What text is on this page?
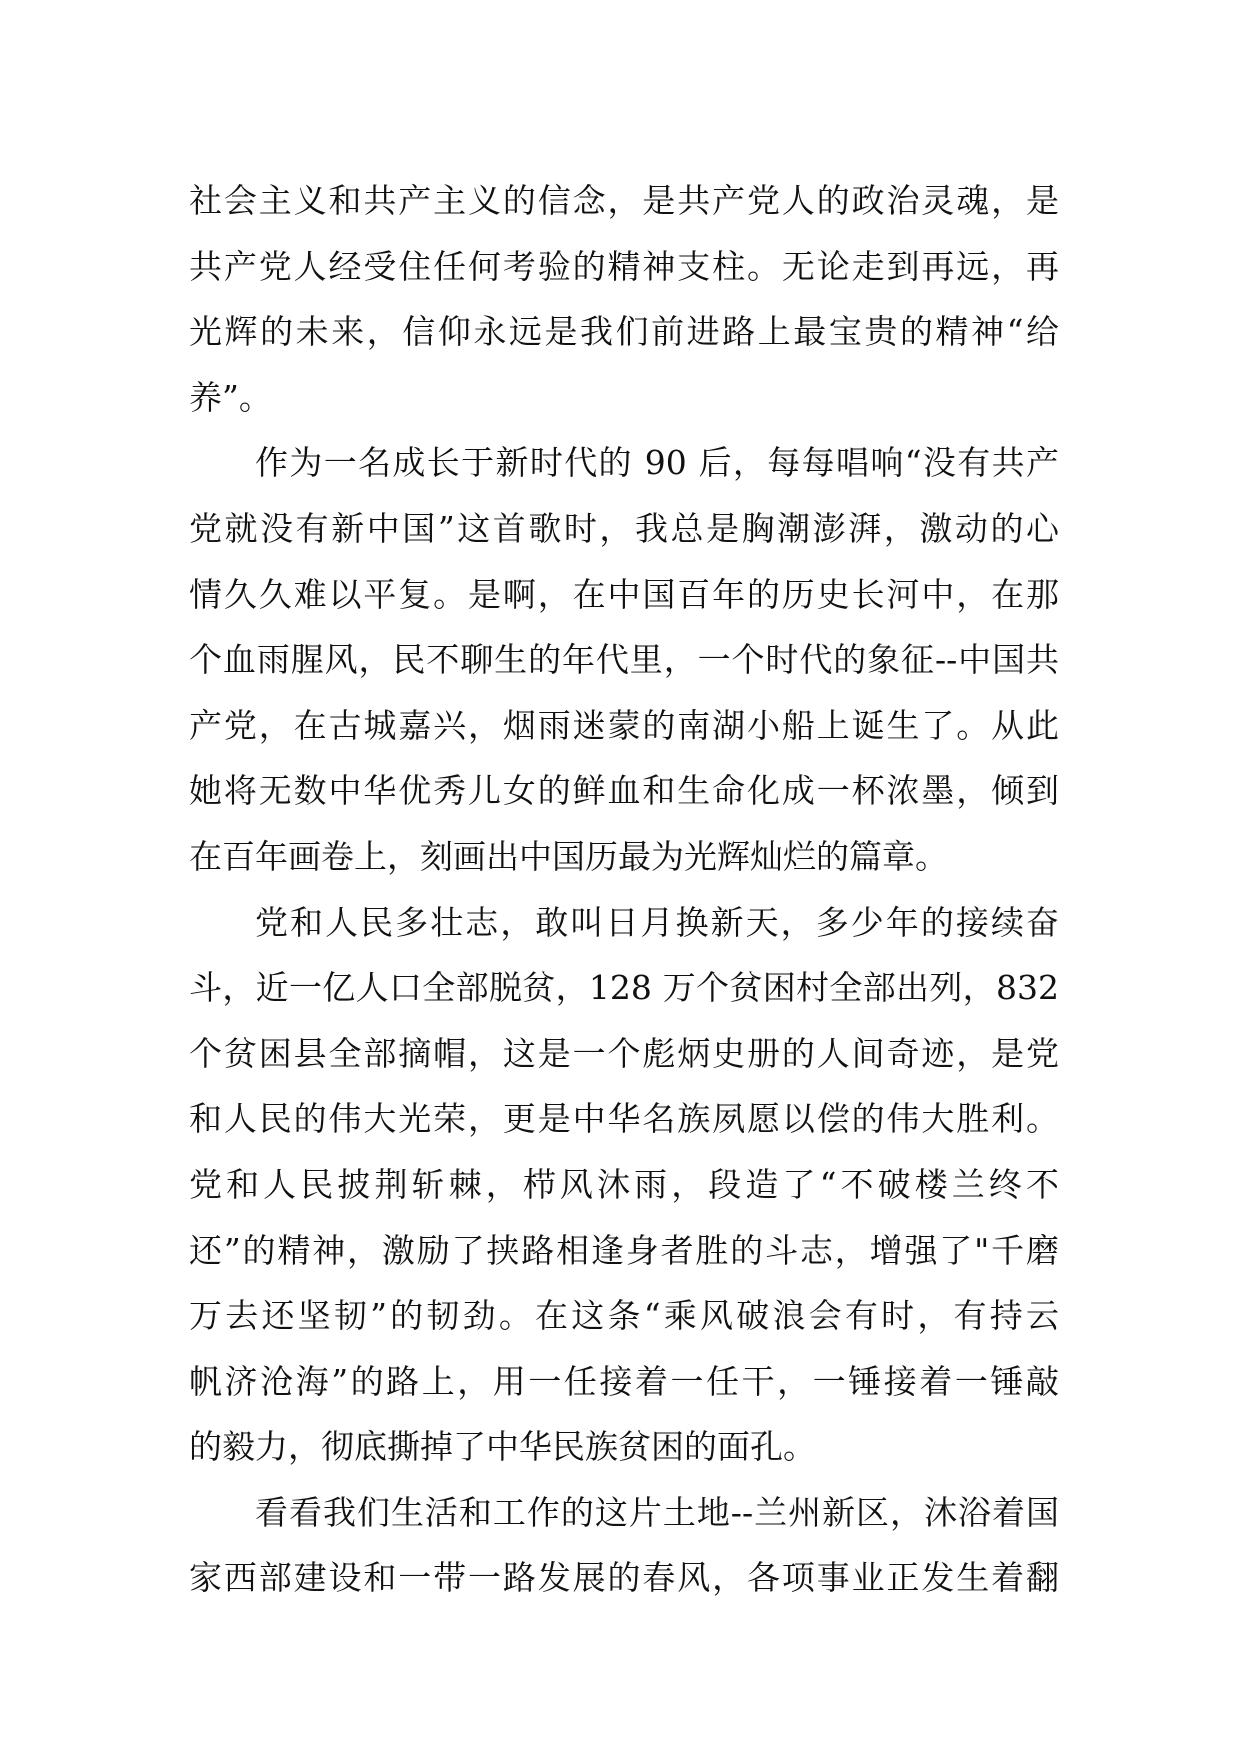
社会主义和共产主义的信念，是共产党人的政治灵魂，是
共产党人经受住任何考验的精神支柱。无论走到再远，再
光辉的未来，信仰永远是我们前进路上最宝贵的精神“给
养”。
作为一名成长于新时代的 90 后，每每唱响“没有共产
党就没有新中国”这首歌时，我总是胸潮澎湃，激动的心
情久久难以平复。是啊，在中国百年的历史长河中，在那
个血雨腥风，民不聊生的年代里，一个时代的象征--中国共
产党，在古城嘉兴，烟雨迷蒙的南湖小船上诞生了。从此
她将无数中华优秀儿女的鲜血和生命化成一杯浓墨，倾到
在百年画卷上，刻画出中国历最为光辉灿烂的篇章。
党和人民多壮志，敢叫日月换新天，多少年的接续奋
斗，近一亿人口全部脱贫，128 万个贫困村全部出列，832
个贫困县全部摘帽，这是一个彪炳史册的人间奇迹，是党
和人民的伟大光荣，更是中华名族夙愿以偿的伟大胜利。
党和人民披荆斩棘，栉风沐雨，段造了“不破楼兰终不
还”的精神，激励了挟路相逢身者胜的斗志，增强了"千磨
万去还坚韧”的韧劲。在这条“乘风破浪会有时，有持云
帆济沧海”的路上，用一任接着一任干，一锤接着一锤敲
的毅力，彻底撕掉了中华民族贫困的面孔。
看看我们生活和工作的这片土地--兰州新区，沐浴着国
家西部建设和一带一路发展的春风，各项事业正发生着翻
